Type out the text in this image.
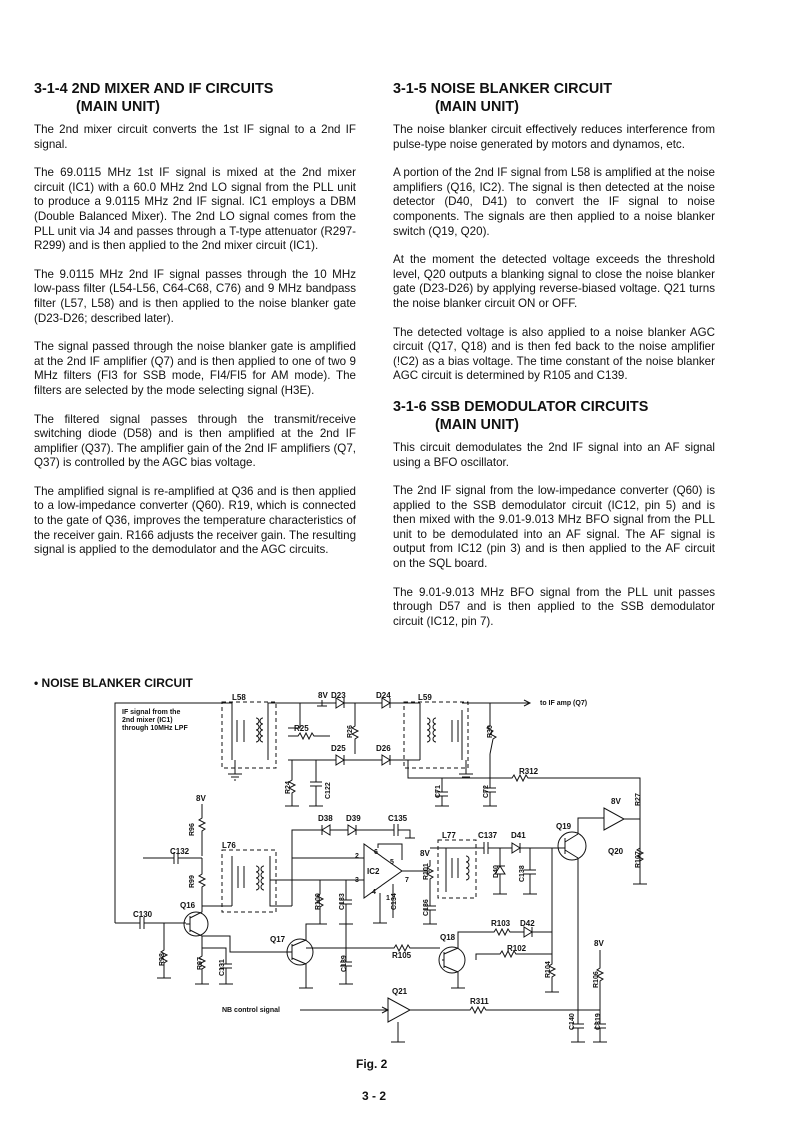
3-1-4 2ND MIXER AND IF CIRCUITS
(MAIN UNIT)

The 2nd mixer circuit converts the 1st IF signal to a 2nd IF signal.

The 69.0115 MHz 1st IF signal is mixed at the 2nd mixer circuit (IC1) with a 60.0 MHz 2nd LO signal from the PLL unit to produce a 9.0115 MHz 2nd IF signal. IC1 employs a DBM (Double Balanced Mixer). The 2nd LO signal comes from the PLL unit via J4 and passes through a T-type attenuator (R297-R299) and is then applied to the 2nd mixer circuit (IC1).

The 9.0115 MHz 2nd IF signal passes through the 10 MHz low-pass filter (L54-L56, C64-C68, C76) and 9 MHz bandpass filter (L57, L58) and is then applied to the noise blanker gate (D23-D26; described later).

The signal passed through the noise blanker gate is amplified at the 2nd IF amplifier (Q7) and is then applied to one of two 9 MHz filters (FI3 for SSB mode, FI4/FI5 for AM mode). The filters are selected by the mode selecting signal (H3E).

The filtered signal passes through the transmit/receive switching diode (D58) and is then amplified at the 2nd IF amplifier (Q37). The amplifier gain of the 2nd IF amplifiers (Q7, Q37) is controlled by the AGC bias voltage.

The amplified signal is re-amplified at Q36 and is then applied to a low-impedance converter (Q60). R19, which is connected to the gate of Q36, improves the temperature characteristics of the receiver gain. R166 adjusts the receiver gain. The resulting signal is applied to the demodulator and the AGC circuits.

3-1-5 NOISE BLANKER CIRCUIT
(MAIN UNIT)

The noise blanker circuit effectively reduces interference from pulse-type noise generated by motors and dynamos, etc.

A portion of the 2nd IF signal from L58 is amplified at the noise amplifiers (Q16, IC2). The signal is then detected at the noise detector (D40, D41) to convert the IF signal to noise components. The signals are then applied to a noise blanker switch (Q19, Q20).

At the moment the detected voltage exceeds the threshold level, Q20 outputs a blanking signal to close the noise blanker gate (D23-D26) by applying reverse-biased voltage. Q21 turns the noise blanker circuit ON or OFF.

The detected voltage is also applied to a noise blanker AGC circuit (Q17, Q18) and is then fed back to the noise amplifier (!C2) as a bias voltage. The time constant of the noise blanker AGC circuit is determined by R105 and C139.

3-1-6 SSB DEMODULATOR CIRCUITS
(MAIN UNIT)

This circuit demodulates the 2nd IF signal into an AF signal using a BFO oscillator.

The 2nd IF signal from the low-impedance converter (Q60) is applied to the SSB demodulator circuit (IC12, pin 5) and is then mixed with the 9.01-9.013 MHz BFO signal from the PLL unit to be demodulated into an AF signal. The AF signal is output from IC12 (pin 3) and is then applied to the AF circuit on the SQL board.

The 9.01-9.013 MHz BFO signal from the PLL unit passes through D57 and is then applied to the SSB demodulator circuit (IC12, pin 7).

• NOISE BLANKER CIRCUIT
IF signal from the
2nd mixer (IC1)
through 10MHz LPF
L58	8V D23	D24
R25	R26
D25	D26
L59
to IF amp (Q7)
R30
R312
R24	C122	C71	C72
8V
R96
C132
R99
L76
D38 D39	C135
IC2
2
3
6
5
7
4
1
R100 C133	C134
8V
R101
C136
L77	C137 D41
D40	C138
Q19
Q20
8V R27
R107
C130
Q16
R98	R97 C131
Q17
C139	R105
Q18
R103 D42
R102
R104
8V
R106
Q21
R311
NB control signal
C140	C319
Fig. 2
3 - 2
